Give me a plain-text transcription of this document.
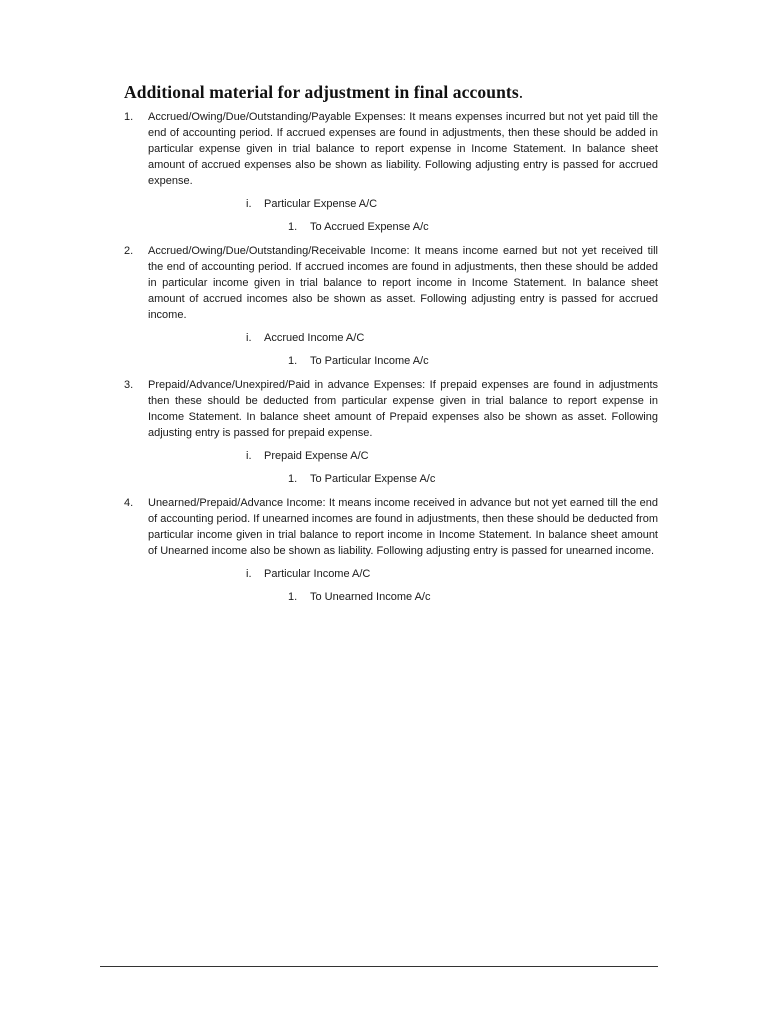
Additional material for adjustment in final accounts.
1. Accrued/Owing/Due/Outstanding/Payable Expenses: It means expenses incurred but not yet paid till the end of accounting period. If accrued expenses are found in adjustments, then these should be added in particular expense given in trial balance to report expense in Income Statement. In balance sheet amount of accrued expenses also be shown as liability. Following adjusting entry is passed for accrued expense.

i. Particular Expense A/C
1. To Accrued Expense A/c
2. Accrued/Owing/Due/Outstanding/Receivable Income: It means income earned but not yet received till the end of accounting period. If accrued incomes are found in adjustments, then these should be added in particular income given in trial balance to report income in Income Statement. In balance sheet amount of accrued incomes also be shown as asset. Following adjusting entry is passed for accrued income.

i. Accrued Income A/C
1. To Particular Income A/c
3. Prepaid/Advance/Unexpired/Paid in advance Expenses: If prepaid expenses are found in adjustments then these should be deducted from particular expense given in trial balance to report expense in Income Statement. In balance sheet amount of Prepaid expenses also be shown as asset. Following adjusting entry is passed for prepaid expense.

i. Prepaid Expense A/C
1. To Particular Expense A/c
4. Unearned/Prepaid/Advance Income: It means income received in advance but not yet earned till the end of accounting period. If unearned incomes are found in adjustments, then these should be deducted from particular income given in trial balance to report income in Income Statement. In balance sheet amount of Unearned income also be shown as liability. Following adjusting entry is passed for unearned income.

i. Particular Income A/C
1. To Unearned Income A/c
